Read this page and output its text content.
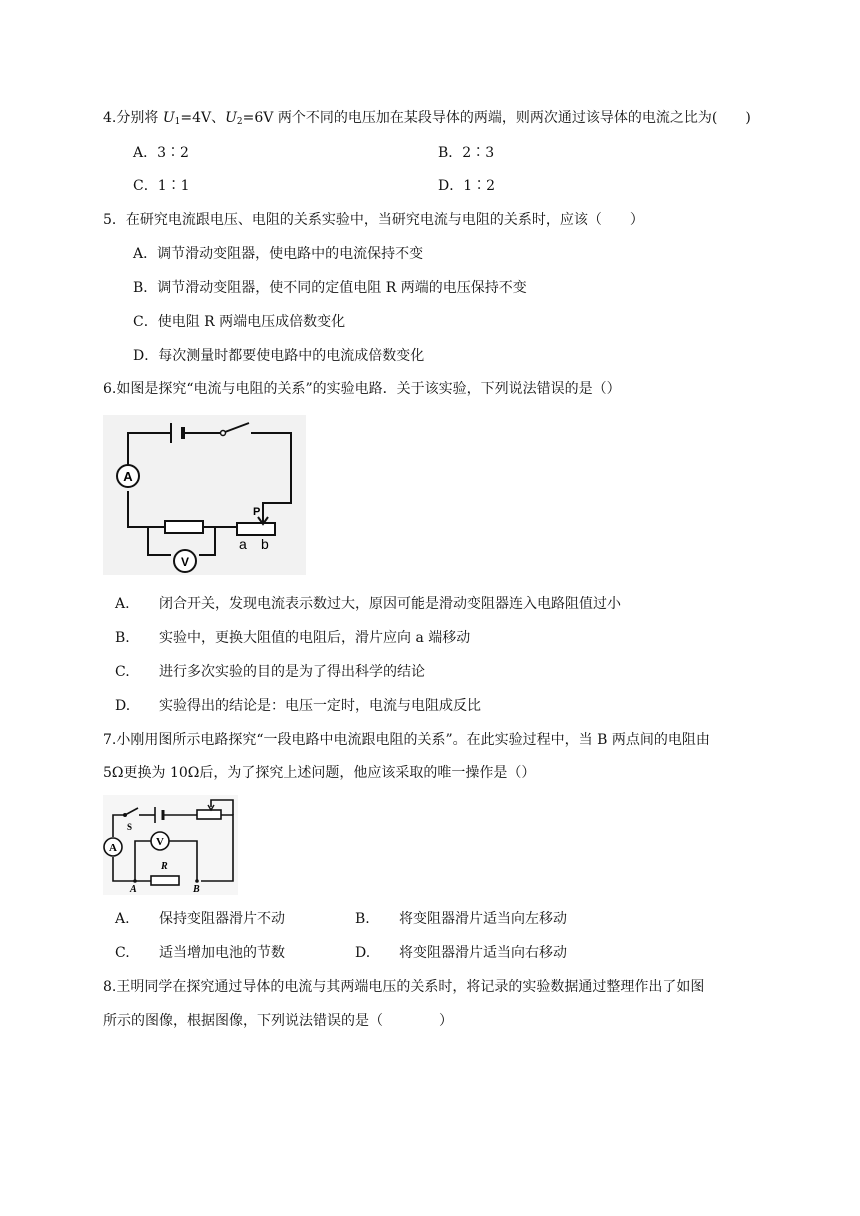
4.分别将 $U_1=4V$、$U_2=6V$ 两个不同的电压加在某段导体的两端，则两次通过该导体的电流之比为(　　)
A．3∶2	B．2∶3
C．1∶1	D．1∶2
5．在研究电流跟电压、电阻的关系实验中，当研究电流与电阻的关系时，应该（　　）
A．调节滑动变阻器，使电路中的电流保持不变
B．调节滑动变阻器，使不同的定值电阻 R 两端的电压保持不变
C．使电阻 R 两端电压成倍数变化
D．每次测量时都要使电路中的电流成倍数变化
6.如图是探究“电流与电阻的关系”的实验电路．关于该实验，下列说法错误的是（）
A
P
a b
V
A. 闭合开关，发现电流表示数过大，原因可能是滑动变阻器连入电路阻值过小
B. 实验中，更换大阻值的电阻后，滑片应向 a 端移动
C. 进行多次实验的目的是为了得出科学的结论
D. 实验得出的结论是：电压一定时，电流与电阻成反比
7.小刚用图所示电路探究“一段电路中电流跟电阻的关系”。在此实验过程中，当 B 两点间的电阻由
5Ω更换为 10Ω后，为了探究上述问题，他应该采取的唯一操作是（）
S
A	V
R
A	B
A. 保持变阻器滑片不动	B. 将变阻器滑片适当向左移动
C. 适当增加电池的节数	D. 将变阻器滑片适当向右移动
8.王明同学在探究通过导体的电流与其两端电压的关系时，将记录的实验数据通过整理作出了如图
所示的图像，根据图像，下列说法错误的是（　　　　）
